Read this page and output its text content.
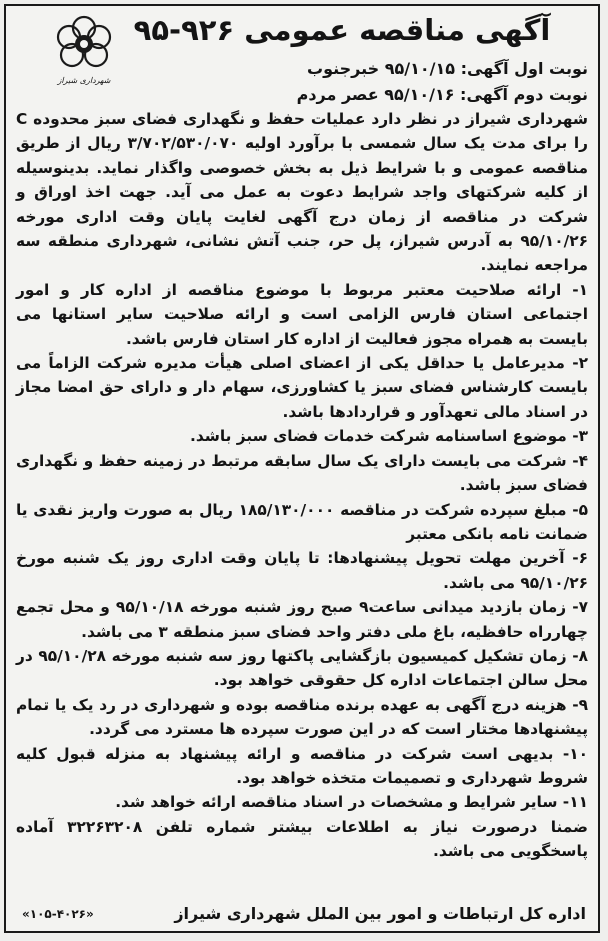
آگهی مناقصه عمومی ۹۲۶-۹۵
شهرداری شیراز
نوبت اول آگهی: ۹۵/۱۰/۱۵ خبرجنوب
نوبت دوم آگهی: ۹۵/۱۰/۱۶ عصر مردم

شهرداری شیراز در نظر دارد عملیات حفظ و نگهداری فضای سبز محدوده C را برای مدت یک سال شمسی با برآورد اولیه ۳/۷۰۲/۵۳۰/۰۷۰ ریال از طریق مناقصه عمومی و با شرایط ذیل به بخش خصوصی واگذار نماید. بدینوسیله از کلیه شرکتهای واجد شرایط دعوت به عمل می آید. جهت اخذ اوراق و شرکت در مناقصه از زمان درج آگهی لغایت پایان وقت اداری مورخه ۹۵/۱۰/۲۶ به آدرس شیراز، پل حر، جنب آتش نشانی، شهرداری منطقه سه مراجعه نمایند.

۱- ارائه صلاحیت معتبر مربوط با موضوع مناقصه از اداره کار و امور اجتماعی استان فارس الزامی است و ارائه صلاحیت سایر استانها می بایست به همراه مجوز فعالیت از اداره کار استان فارس باشد.

۲- مدیرعامل یا حداقل یکی از اعضای اصلی هیأت مدیره شرکت الزاماً می بایست کارشناس فضای سبز یا کشاورزی، سهام دار و دارای حق امضا مجاز در اسناد مالی تعهدآور و قراردادها باشد.

۳- موضوع اساسنامه شرکت خدمات فضای سبز باشد.

۴- شرکت می بایست دارای یک سال سابقه مرتبط در زمینه حفظ و نگهداری فضای سبز باشد.

۵- مبلغ سپرده شرکت در مناقصه ۱۸۵/۱۳۰/۰۰۰ ریال به صورت واریز نقدی یا ضمانت نامه بانکی معتبر

۶- آخرین مهلت تحویل پیشنهادها: تا پایان وقت اداری روز یک شنبه مورخ ۹۵/۱۰/۲۶ می باشد.

۷- زمان بازدید میدانی ساعت۹ صبح روز شنبه مورخه ۹۵/۱۰/۱۸ و محل تجمع چهارراه حافظیه، باغ ملی دفتر واحد فضای سبز منطقه ۳ می باشد.

۸- زمان تشکیل کمیسیون بازگشایی پاکتها روز سه شنبه مورخه ۹۵/۱۰/۲۸ در محل سالن اجتماعات اداره کل حقوقی خواهد بود.

۹- هزینه درج آگهی به عهده برنده مناقصه بوده و شهرداری در رد یک یا تمام پیشنهادها مختار است که در این صورت سپرده ها مسترد می گردد.

۱۰- بدیهی است شرکت در مناقصه و ارائه پیشنهاد به منزله قبول کلیه شروط شهرداری و تصمیمات متخذه خواهد بود.

۱۱- سایر شرایط و مشخصات در اسناد مناقصه ارائه خواهد شد.

ضمنا درصورت نیاز به اطلاعات بیشتر شماره تلفن ۳۲۲۶۳۲۰۸ آماده پاسخگویی می باشد.

اداره کل ارتباطات و امور بین الملل شهرداری شیراز
«۱۰۵-۴۰۲۶»
